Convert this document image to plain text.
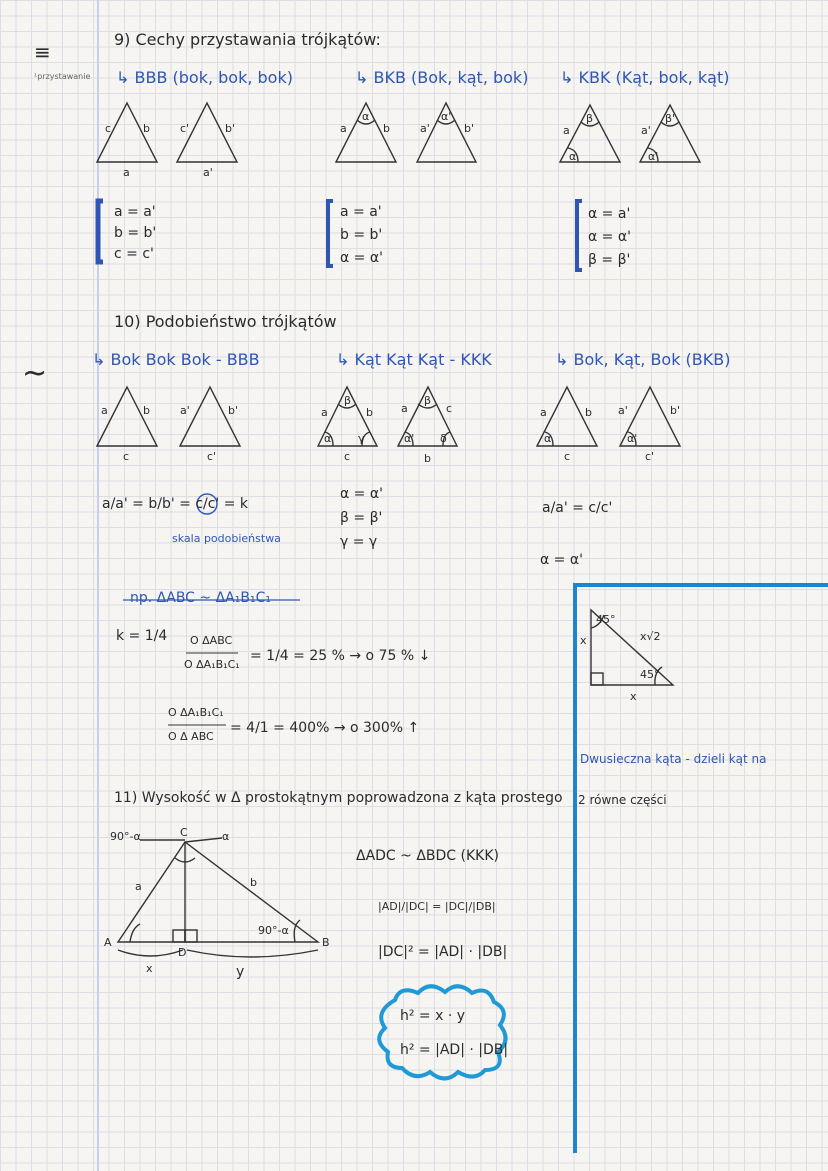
≡
¹przystawanie
~
9) Cechy przystawania trójkątów:
↳ BBB (bok, bok, bok)	↳ BKB (Bok, kąt, bok) ↳ KBK (Kąt, bok, kąt)
c	b
a
c'	b'
a'
a
α
b	a'
α'
b'	a
β
α
a'
β'
α'
a = a'
b = b'
c = c'
a = a'
b = b'
α = α'
α = a'
α = α'
β = β'
10) Podobieństwo trójkątów
↳ Bok Bok Bok - BBB	↳ Kąt Kąt Kąt - KKK	↳ Bok, Kąt, Bok (BKB)
a	b
c
a'	b'
c'
a
β
b
α γ
c
a
β
c
α' δ
b
a	b
α
c
a'	b'
α'
c'
a/a' = b/b' = c/c' = k
skala podobieństwa
α = α'
β = β'
γ = γ
a/a' = c/c'
α = α'
np. ΔABC ~ ΔA₁B₁C₁
k = 1/4 O ΔABC
O ΔA₁B₁C₁
= 1/4 = 25 % → o 75 % ↓
O ΔA₁B₁C₁
O Δ ABC
= 4/1 = 400% → o 300% ↑
x	x√2
45°
45°
x
Dwusieczna kąta - dzieli kąt na
2 równe części
11) Wysokość w Δ prostokątnym poprowadzona z kąta prostego
90°-α	C	α
a	b
A
D
B
x	y
90°-α
ΔADC ~ ΔBDC (KKK)
|AD|/|DC| = |DC|/|DB|
|DC|² = |AD| · |DB|
h² = x · y
h² = |AD| · |DB|
